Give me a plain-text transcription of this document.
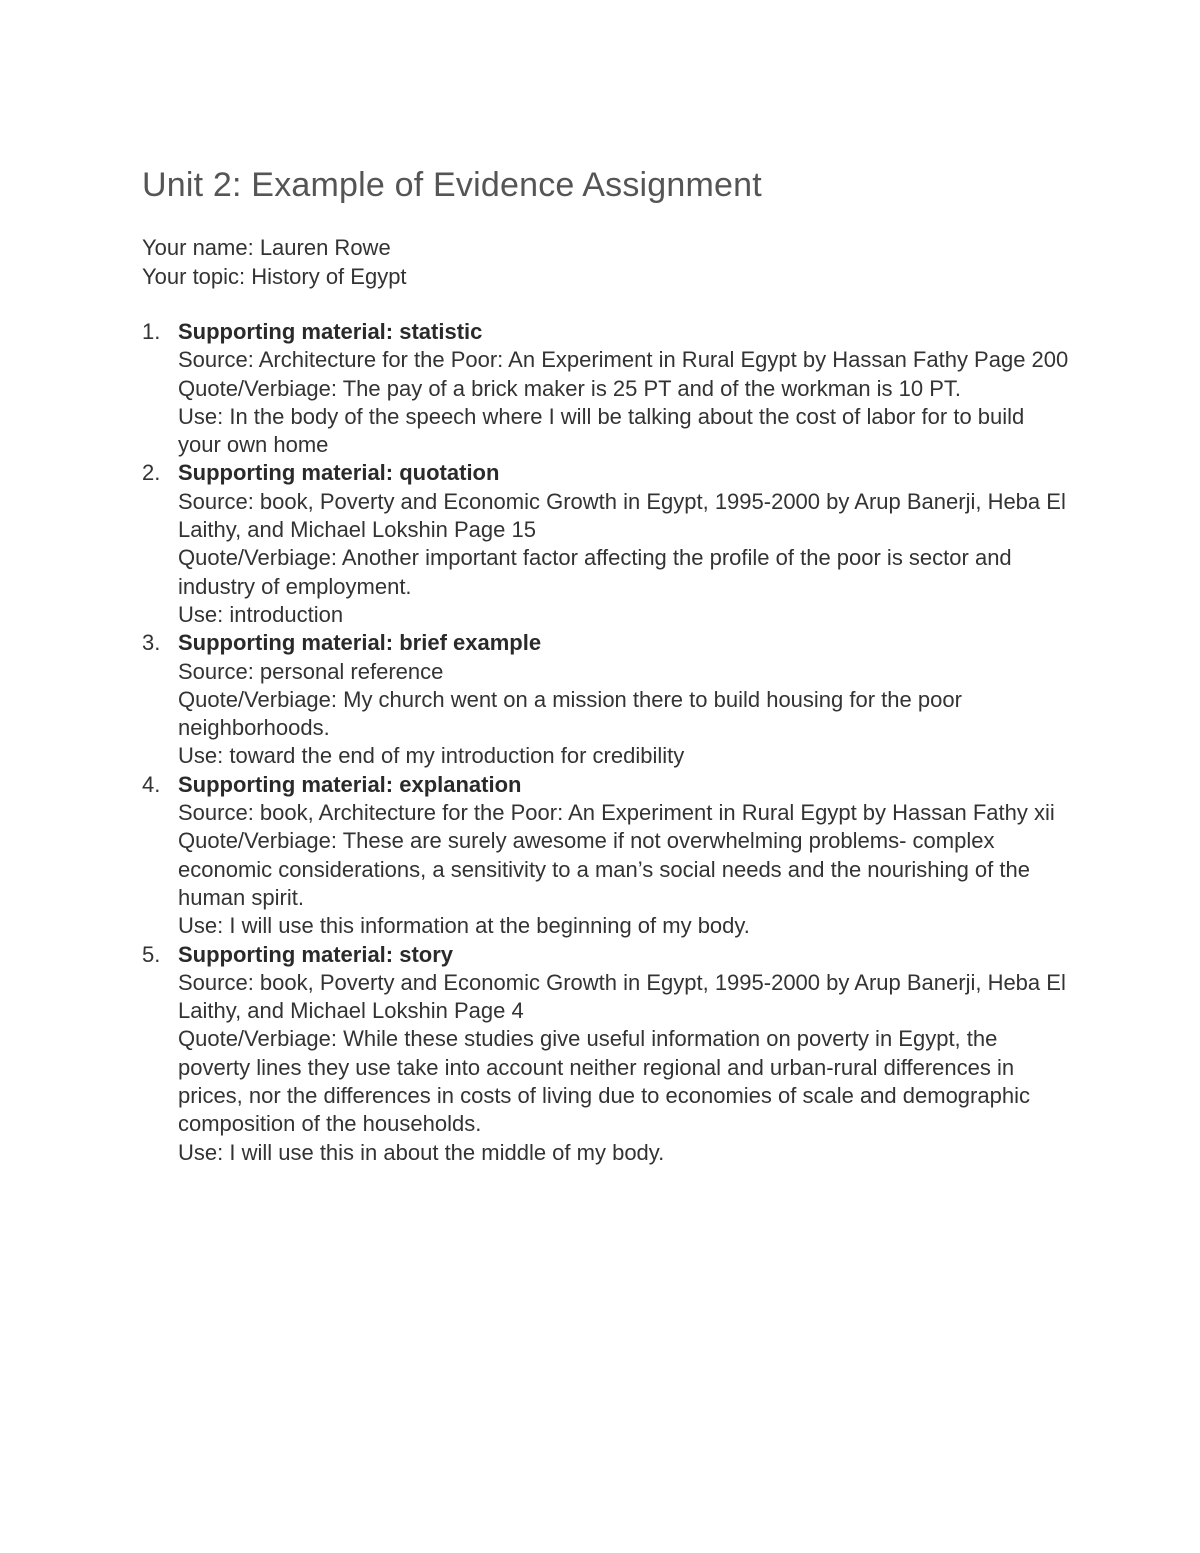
Unit 2: Example of Evidence Assignment
Your name: Lauren Rowe
Your topic: History of Egypt
1. Supporting material: statistic
Source: Architecture for the Poor: An Experiment in Rural Egypt by Hassan Fathy Page 200
Quote/Verbiage: The pay of a brick maker is 25 PT and of the workman is 10 PT.
Use: In the body of the speech where I will be talking about the cost of labor for to build your own home
2. Supporting material: quotation
Source: book, Poverty and Economic Growth in Egypt, 1995-2000 by Arup Banerji, Heba El Laithy, and Michael Lokshin Page 15
Quote/Verbiage: Another important factor affecting the profile of the poor is sector and industry of employment.
Use: introduction
3. Supporting material: brief example
Source: personal reference
Quote/Verbiage: My church went on a mission there to build housing for the poor neighborhoods.
Use: toward the end of my introduction for credibility
4. Supporting material: explanation
Source: book, Architecture for the Poor: An Experiment in Rural Egypt by Hassan Fathy xii
Quote/Verbiage: These are surely awesome if not overwhelming problems- complex economic considerations, a sensitivity to a man’s social needs and the nourishing of the human spirit.
Use: I will use this information at the beginning of my body.
5. Supporting material: story
Source: book, Poverty and Economic Growth in Egypt, 1995-2000 by Arup Banerji, Heba El Laithy, and Michael Lokshin Page 4
Quote/Verbiage: While these studies give useful information on poverty in Egypt, the poverty lines they use take into account neither regional and urban-rural differences in prices, nor the differences in costs of living due to economies of scale and demographic composition of the households.
Use: I will use this in about the middle of my body.
